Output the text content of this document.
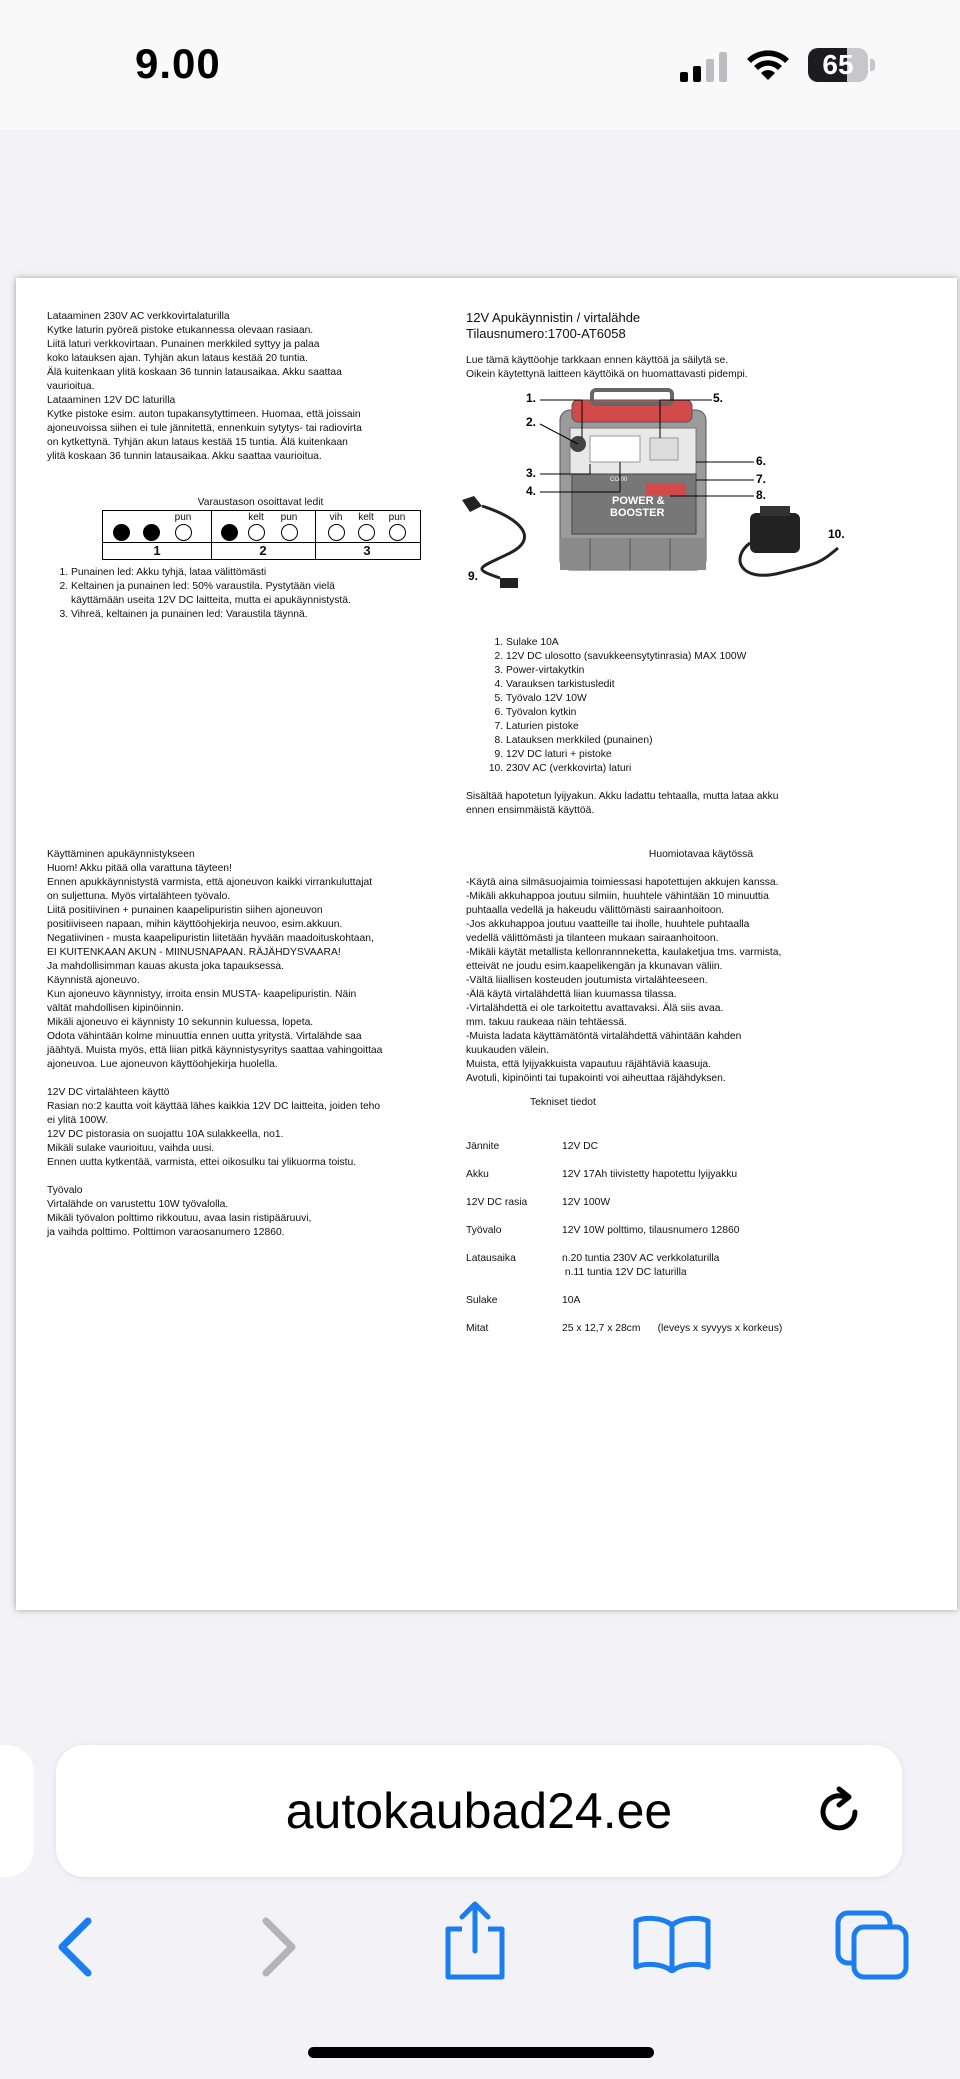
9.00	65

Lataaminen 230V AC verkkovirtalaturilla

Kytke laturin pyöreä pistoke etukannessa olevaan rasiaan.

Liitä laturi verkkovirtaan. Punainen merkkiled syttyy ja palaa

koko latauksen ajan. Tyhjän akun lataus kestää 20 tuntia.

Älä kuitenkaan ylitä koskaan 36 tunnin latausaikaa. Akku saattaa

vaurioitua.

Lataaminen 12V DC laturilla

Kytke pistoke esim. auton tupakansytyttimeen. Huomaa, että joissain

ajoneuvoissa siihen ei tule jännitettä, ennenkuin sytytys- tai radiovirta

on kytkettynä. Tyhjän akun lataus kestää 15 tuntia. Älä kuitenkaan

ylitä koskaan 36 tunnin latausaikaa. Akku saattaa vaurioitua.

Varaustason osoittavat ledit
pun	kelt	pun	vih	kelt	pun
1	2	3
1. Punainen led: Akku tyhjä, lataa välittömästi
2. Keltainen ja punainen led: 50% varaustila. Pystytään vielä
käyttämään useita 12V DC laitteita, mutta ei apukäynnistystä.
3. Vihreä, keltainen ja punainen led: Varaustila täynnä.

12V Apukäynnistin / virtalähde

Tilausnumero:1700-AT6058

Lue tämä käyttöohje tarkkaan ennen käyttöä ja säilytä se.

Oikein käytettynä laitteen käyttöikä on huomattavasti pidempi.

CO/00
POWER &
BOOSTER
1.
2.
3.
4.
5.
6.
7.
8.
9.
10.
1. Sulake 10A
2. 12V DC ulosotto (savukkeensytytinrasia) MAX 100W
3. Power-virtakytkin
4. Varauksen tarkistusledit
5. Työvalo 12V 10W
6. Työvalon kytkin
7. Laturien pistoke
8. Latauksen merkkiled (punainen)
9. 12V DC laturi + pistoke
10. 230V AC (verkkovirta) laturi

Sisältää hapotetun lyijyakun. Akku ladattu tehtaalla, mutta lataa akku

ennen ensimmäistä käyttöä.

Käyttäminen apukäynnistykseen

Huom! Akku pitää olla varattuna täyteen!

Ennen apukkäynnistystä varmista, että ajoneuvon kaikki virrankuluttajat

on suljettuna. Myös virtalähteen työvalo.

Liitä positiivinen + punainen kaapelipuristin siihen ajoneuvon

positiiviseen napaan, mihin käyttöohjekirja neuvoo, esim.akkuun.

Negatiivinen - musta kaapelipuristin liitetään hyvään maadoituskohtaan,

EI KUITENKAAN AKUN - MIINUSNAPAAN. RÄJÄHDYSVAARA!

Ja mahdollisimman kauas akusta joka tapauksessa.

Käynnistä ajoneuvo.

Kun ajoneuvo käynnistyy, irroita ensin MUSTA- kaapelipuristin. Näin

vältät mahdollisen kipinöinnin.

Mikäli ajoneuvo ei käynnisty 10 sekunnin kuluessa, lopeta.

Odota vähintään kolme minuuttia ennen uutta yritystä. Virtalähde saa

jäähtyä. Muista myös, että liian pitkä käynnistysyritys saattaa vahingoittaa

ajoneuvoa. Lue ajoneuvon käyttöohjekirja huolella.

12V DC virtalähteen käyttö

Rasian no:2 kautta voit käyttää lähes kaikkia 12V DC laitteita, joiden teho

ei ylitä 100W.

12V DC pistorasia on suojattu 10A sulakkeella, no1.

Mikäli sulake vaurioituu, vaihda uusi.

Ennen uutta kytkentää, varmista, ettei oikosulku tai ylikuorma toistu.

Työvalo

Virtalähde on varustettu 10W työvalolla.

Mikäli työvalon polttimo rikkoutuu, avaa lasin ristipääruuvi,

ja vaihda polttimo. Polttimon varaosanumero 12860.

Huomiotavaa käytössä

-Käytä aina silmäsuojaimia toimiessasi hapotettujen akkujen kanssa.

-Mikäli akkuhappoa joutuu silmiin, huuhtele vähintään 10 minuuttia

puhtaalla vedellä ja hakeudu välittömästi sairaanhoitoon.

-Jos akkuhappoa joutuu vaatteille tai iholle, huuhtele puhtaalla

vedellä välittömästi ja tilanteen mukaan sairaanhoitoon.

-Mikäli käytät metallista kellonrannneketta, kaulaketjua tms. varmista,

etteivät ne joudu esim.kaapelikengän ja kkunavan väliin.

-Vältä liiallisen kosteuden joutumista virtalähteeseen.

-Älä käytä virtalähdettä liian kuumassa tilassa.

-Virtalähdettä ei ole tarkoitettu avattavaksi. Älä siis avaa.

mm. takuu raukeaa näin tehtäessä.

-Muista ladata käyttämätöntä virtalähdettä vähintään kahden

kuukauden välein.

Muista, että lyijyakkuista vapautuu räjähtäviä kaasuja.

Avotuli, kipinöinti tai tupakointi voi aiheuttaa räjähdyksen.

Tekniset tiedot

Jännite	12V DC
Akku	12V 17Ah tiivistetty hapotettu lyijyakku
12V DC rasia	12V 100W
Työvalo	12V 10W polttimo, tilausnumero 12860
Latausaika	n.20 tuntia 230V AC verkkolaturilla
n.11 tuntia 12V DC laturilla
Sulake	10A
Mitat	25 x 12,7 x 28cm      (leveys x syvyys x korkeus)
autokaubad24.ee
